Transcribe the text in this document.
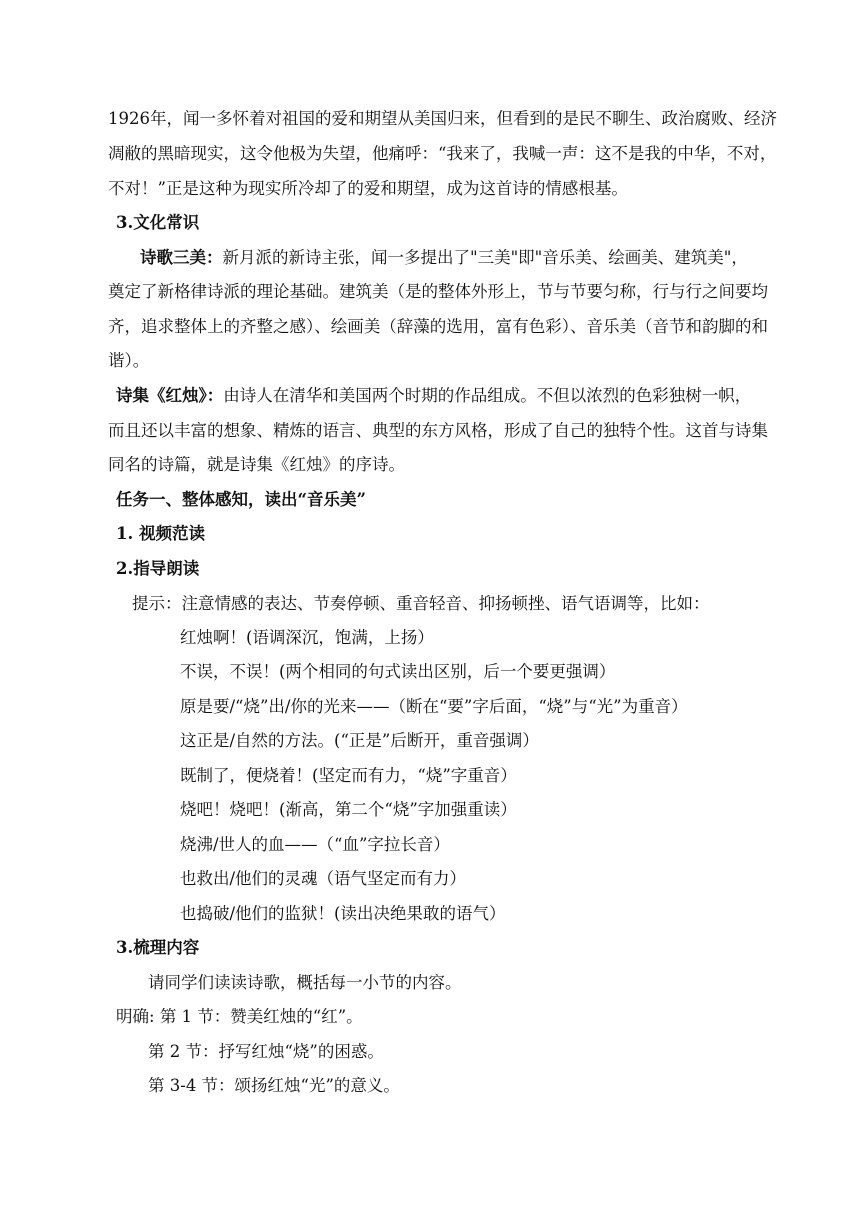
1926年，闻一多怀着对祖国的爱和期望从美国归来，但看到的是民不聊生、政治腐败、经济
凋敝的黑暗现实，这令他极为失望，他痛呼：“我来了，我喊一声：这不是我的中华，不对，
不对！”正是这种为现实所冷却了的爱和期望，成为这首诗的情感根基。
3.文化常识
诗歌三美：新月派的新诗主张，闻一多提出了"三美"即"音乐美、绘画美、建筑美"，
奠定了新格律诗派的理论基础。建筑美（是的整体外形上，节与节要匀称，行与行之间要均
齐，追求整体上的齐整之感）、绘画美（辞藻的选用，富有色彩）、音乐美（音节和韵脚的和
谐）。
诗集《红烛》：由诗人在清华和美国两个时期的作品组成。不但以浓烈的色彩独树一帜，
而且还以丰富的想象、精炼的语言、典型的东方风格，形成了自己的独特个性。这首与诗集
同名的诗篇，就是诗集《红烛》的序诗。
任务一、整体感知，读出“音乐美”
1. 视频范读
2.指导朗读
提示：注意情感的表达、节奏停顿、重音轻音、抑扬顿挫、语气语调等，比如：
红烛啊！(语调深沉，饱满，上扬）
不误，不误！(两个相同的句式读出区别，后一个要更强调）
原是要/“烧”出/你的光来——（断在“要”字后面，“烧”与“光”为重音）
这正是/自然的方法。(“正是”后断开，重音强调）
既制了，便烧着！(坚定而有力，“烧”字重音）
烧吧！烧吧！(渐高，第二个“烧”字加强重读）
烧沸/世人的血——（“血”字拉长音）
也救出/他们的灵魂（语气坚定而有力）
也捣破/他们的监狱！(读出决绝果敢的语气）
3.梳理内容
请同学们读读诗歌，概括每一小节的内容。
明确: 第 1 节：赞美红烛的“红”。
第 2 节：抒写红烛“烧”的困惑。
第 3-4 节：颂扬红烛“光”的意义。
